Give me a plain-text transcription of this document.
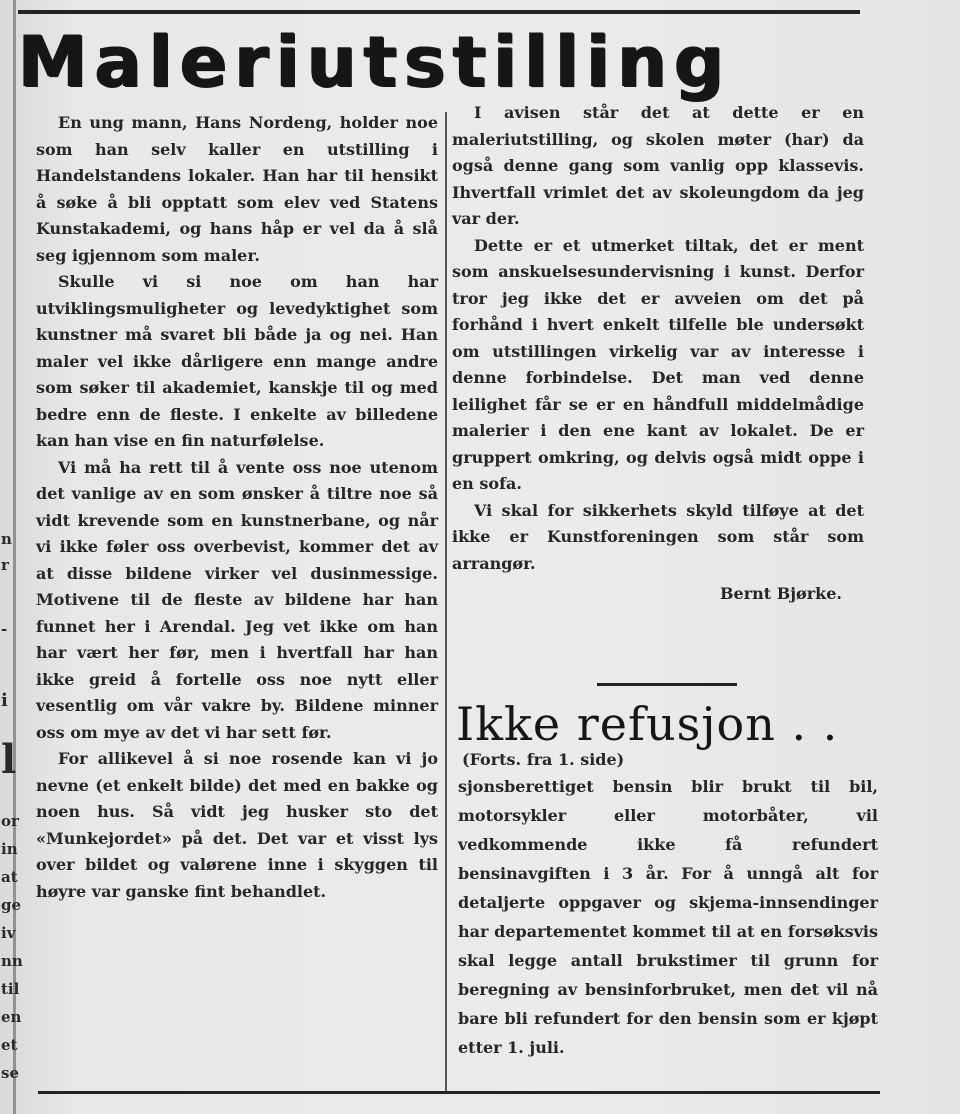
n
r
-
i
l
or
in
at
ge
iv
nn
til
en
et
se
Maleriutstilling

En ung mann, Hans Nordeng, holder noe som han selv kaller en utstilling i Handelstandens lokaler. Han har til hensikt å søke å bli opptatt som elev ved Statens Kunstakademi, og hans håp er vel da å slå seg igjennom som maler.

Skulle vi si noe om han har utviklingsmuligheter og levedyktighet som kunstner må svaret bli både ja og nei. Han maler vel ikke dårligere enn mange andre som søker til akademiet, kanskje til og med bedre enn de fleste. I enkelte av billedene kan han vise en fin naturfølelse.

Vi må ha rett til å vente oss noe utenom det vanlige av en som ønsker å tiltre noe så vidt krevende som en kunstnerbane, og når vi ikke føler oss overbevist, kommer det av at disse bildene virker vel dusinmessige. Motivene til de fleste av bildene har han funnet her i Arendal. Jeg vet ikke om han har vært her før, men i hvertfall har han ikke greid å fortelle oss noe nytt eller vesentlig om vår vakre by. Bildene minner oss om mye av det vi har sett før.

For allikevel å si noe rosende kan vi jo nevne (et enkelt bilde) det med en bakke og noen hus. Så vidt jeg husker sto det «Munkejordet» på det. Det var et visst lys over bildet og valørene inne i skyggen til høyre var ganske fint behandlet.

I avisen står det at dette er en maleriutstilling, og skolen møter (har) da også denne gang som vanlig opp klassevis. Ihvertfall vrimlet det av skoleungdom da jeg var der.

Dette er et utmerket tiltak, det er ment som anskuelsesundervisning i kunst. Derfor tror jeg ikke det er avveien om det på forhånd i hvert enkelt tilfelle ble undersøkt om utstillingen virkelig var av interesse i denne forbindelse. Det man ved denne leilighet får se er en håndfull middelmådige malerier i den ene kant av lokalet. De er gruppert omkring, og delvis også midt oppe i en sofa.

Vi skal for sikkerhets skyld tilføye at det ikke er Kunstforeningen som står som arrangør.

Bernt Bjørke.

Ikke refusjon . .

(Forts. fra 1. side)

sjonsberettiget bensin blir brukt til bil, motorsykler eller motorbåter, vil vedkommende ikke få refundert bensinavgiften i 3 år. For å unngå alt for detaljerte oppgaver og skjema-innsendinger har departementet kommet til at en forsøksvis skal legge antall brukstimer til grunn for beregning av bensinforbruket, men det vil nå bare bli refundert for den bensin som er kjøpt etter 1. juli.
